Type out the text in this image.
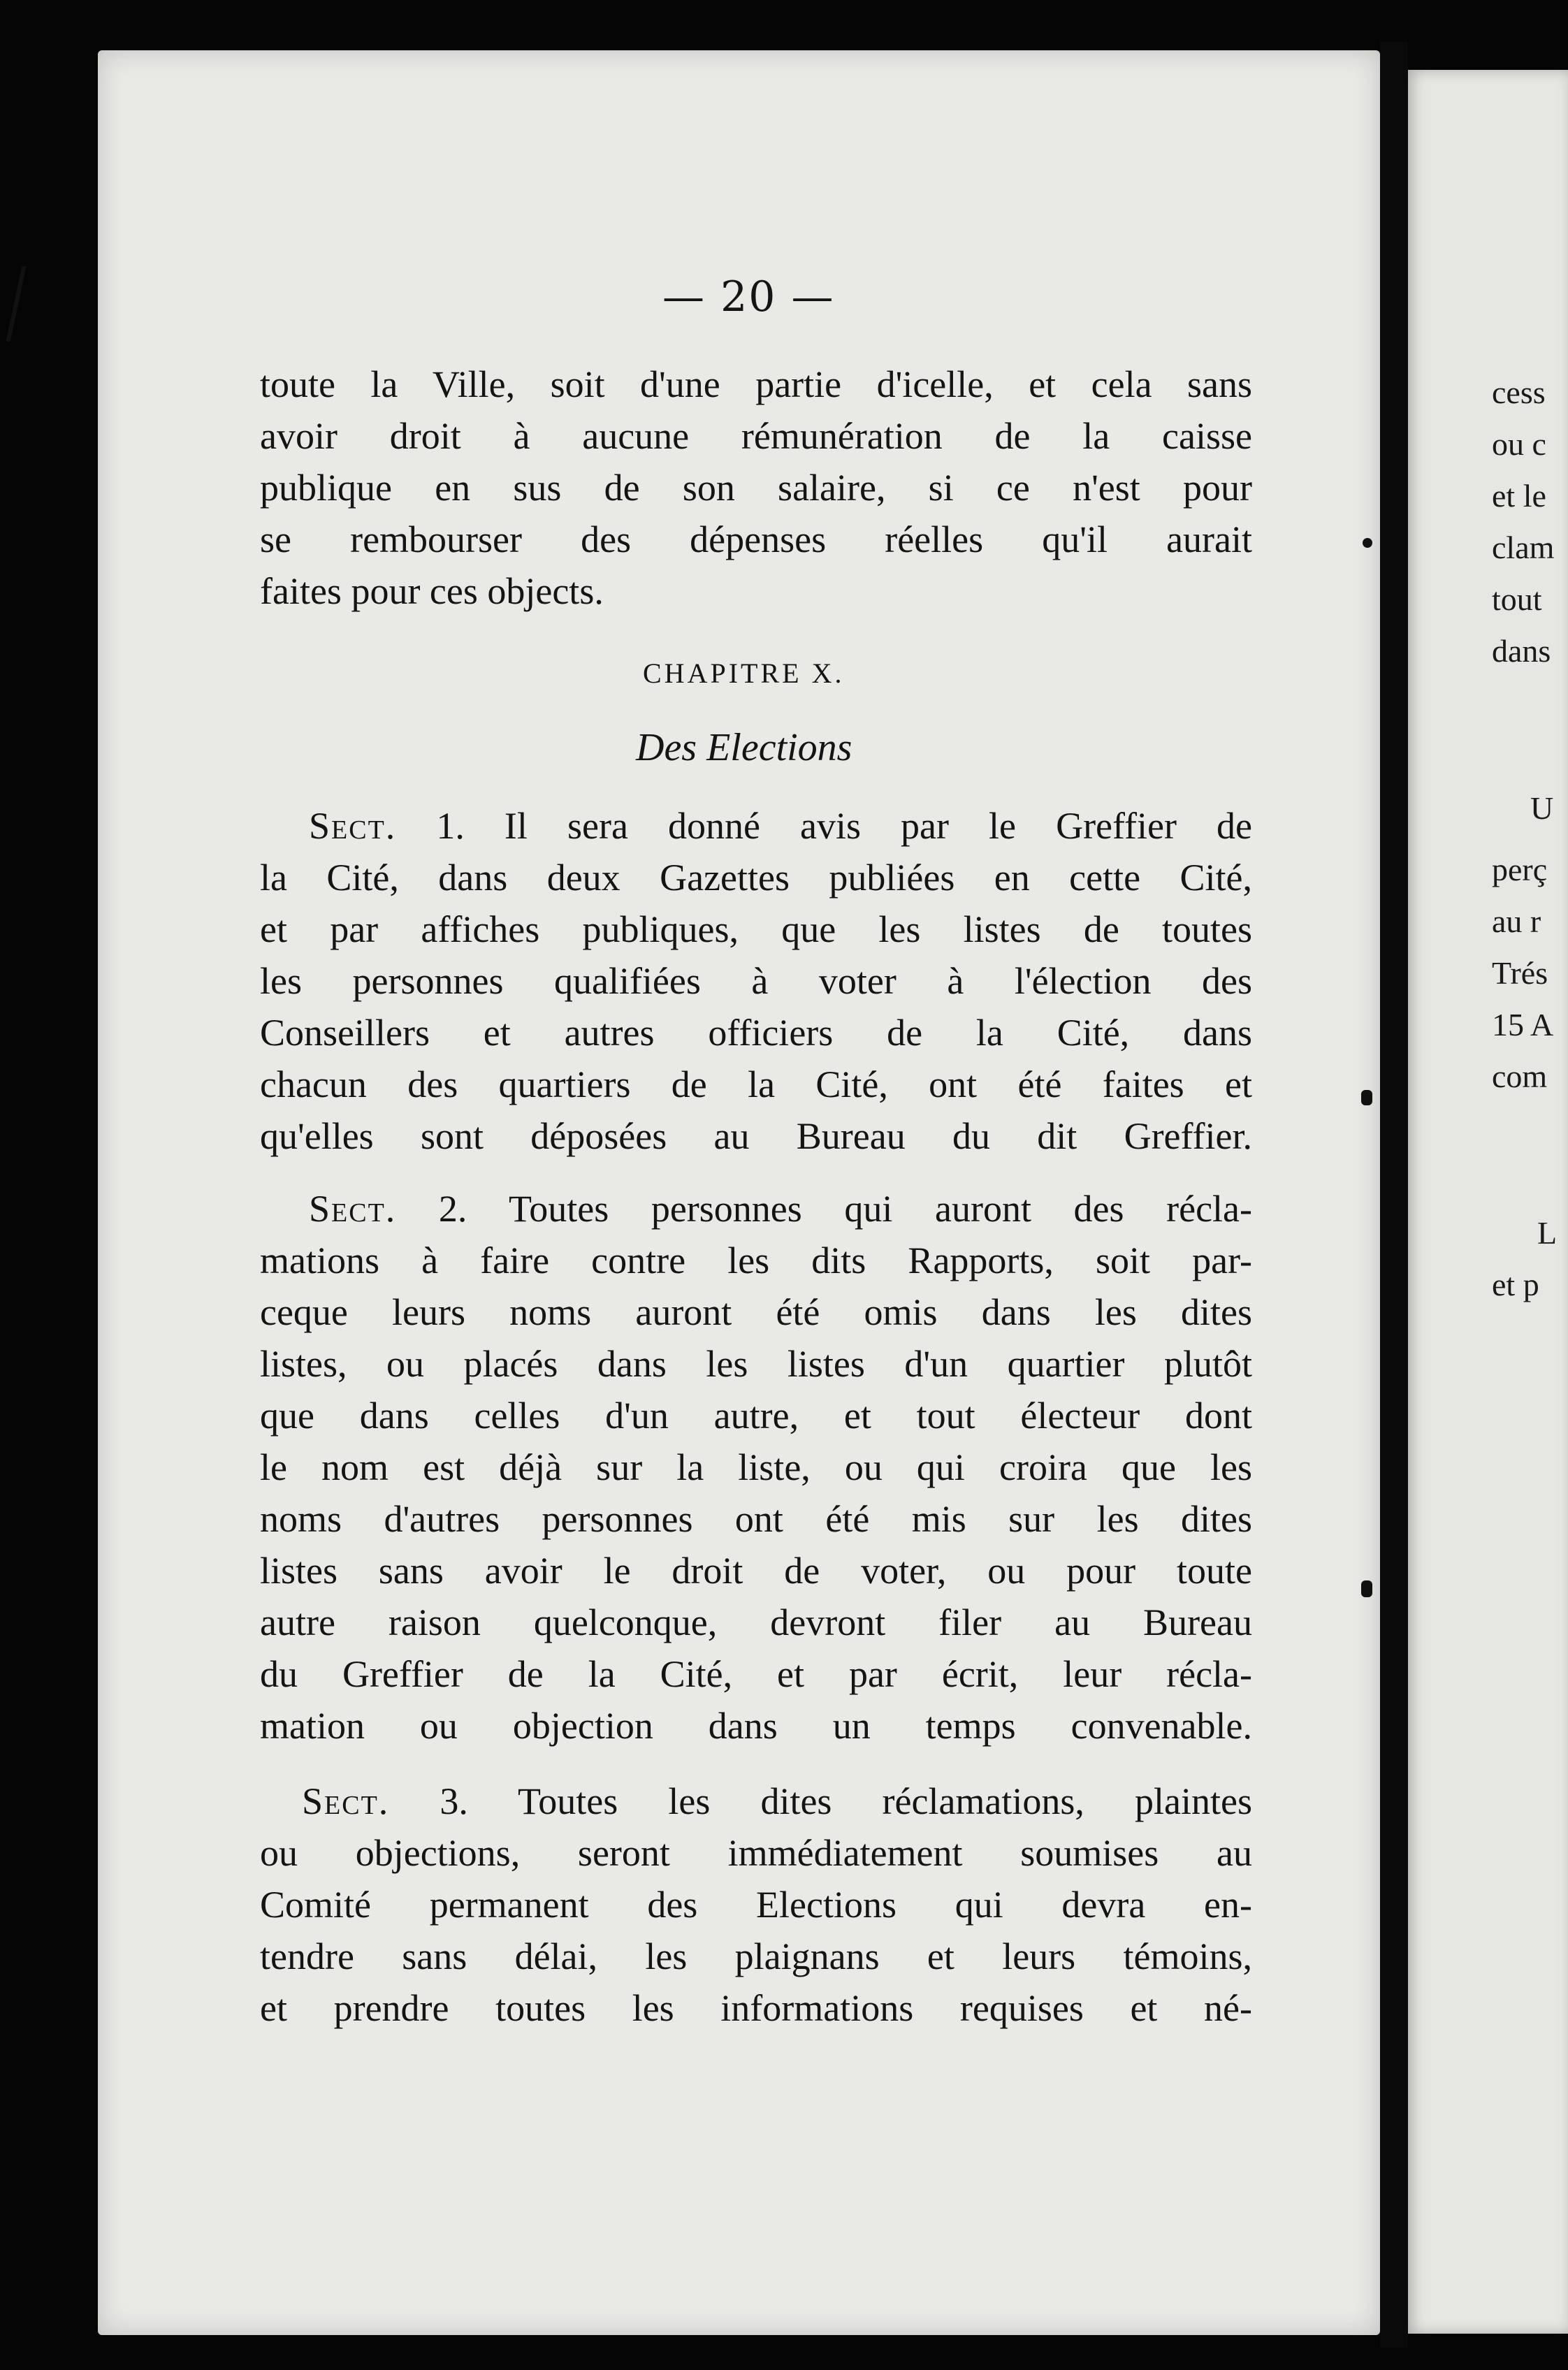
— 20 —
toute la Ville, soit d'une partie d'icelle, et cela sans
avoir droit à aucune rémunération de la caisse
publique en sus de son salaire, si ce n'est pour
se rembourser des dépenses réelles qu'il aurait
faites pour ces objects.
CHAPITRE X.
Des Elections
Sect. 1. Il sera donné avis par le Greffier de
la Cité, dans deux Gazettes publiées en cette Cité,
et par affiches publiques, que les listes de toutes
les personnes qualifiées à voter à l'élection des
Conseillers et autres officiers de la Cité, dans
chacun des quartiers de la Cité, ont été faites et
qu'elles sont déposées au Bureau du dit Greffier.
Sect. 2. Toutes personnes qui auront des récla-
mations à faire contre les dits Rapports, soit par-
ceque leurs noms auront été omis dans les dites
listes, ou placés dans les listes d'un quartier plutôt
que dans celles d'un autre, et tout électeur dont
le nom est déjà sur la liste, ou qui croira que les
noms d'autres personnes ont été mis sur les dites
listes sans avoir le droit de voter, ou pour toute
autre raison quelconque, devront filer au Bureau
du Greffier de la Cité, et par écrit, leur récla-
mation ou objection dans un temps convenable.
Sect. 3. Toutes les dites réclamations, plaintes
ou objections, seront immédiatement soumises au
Comité permanent des Elections qui devra en-
tendre sans délai, les plaignans et leurs témoins,
et prendre toutes les informations requises et né-
cess
ou c
et le
clam
tout
dans
U
perç
au r
Trés
15 A
com
L
et p
